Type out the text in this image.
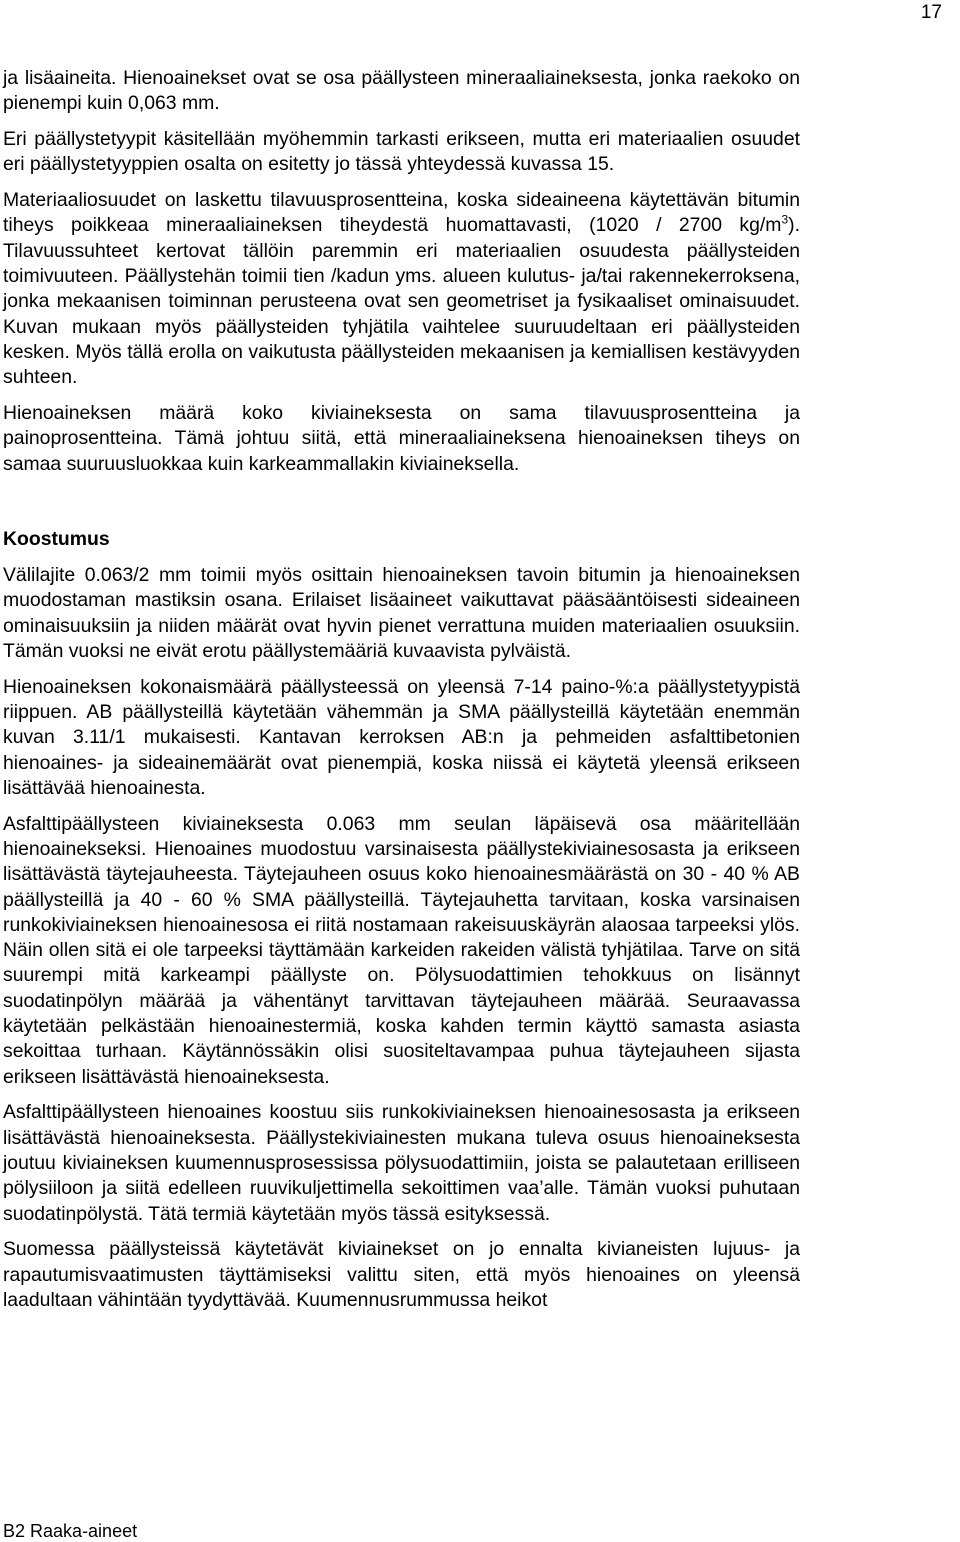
17

ja lisäaineita. Hienoainekset ovat se osa päällysteen mineraaliaineksesta, jonka raekoko on pienempi kuin 0,063 mm.

Eri päällystetyypit käsitellään myöhemmin tarkasti erikseen, mutta eri materiaalien osuudet eri päällystetyyppien osalta on esitetty jo tässä yhteydessä kuvassa 15.

Materiaaliosuudet on laskettu tilavuusprosentteina, koska sideaineena käytettävän bitumin tiheys poikkeaa mineraaliaineksen tiheydestä huomattavasti, (1020 / 2700 $kg/m^3$). Tilavuussuhteet kertovat tällöin paremmin eri materiaalien osuudesta päällysteiden toimivuuteen. Päällystehän toimii tien /kadun yms. alueen kulutus- ja/tai rakennekerroksena, jonka mekaanisen toiminnan perusteena ovat sen geometriset ja fysikaaliset ominaisuudet. Kuvan mukaan myös päällysteiden tyhjätila vaihtelee suuruudeltaan eri päällysteiden kesken. Myös tällä erolla on vaikutusta päällysteiden mekaanisen ja kemiallisen kestävyyden suhteen.

Hienoaineksen määrä koko kiviaineksesta on sama tilavuusprosentteina ja painoprosentteina. Tämä johtuu siitä, että mineraaliaineksena hienoaineksen tiheys on samaa suuruusluokkaa kuin karkeammallakin kiviaineksella.

Koostumus

Välilajite 0.063/2 mm toimii myös osittain hienoaineksen tavoin bitumin ja hienoaineksen muodostaman mastiksin osana. Erilaiset lisäaineet vaikuttavat pääsääntöisesti sideaineen ominaisuuksiin ja niiden määrät ovat hyvin pienet verrattuna muiden materiaalien osuuksiin. Tämän vuoksi ne eivät erotu päällystemääriä kuvaavista pylväistä.

Hienoaineksen kokonaismäärä päällysteessä on yleensä 7-14 paino-%:a päällystetyypistä riippuen. AB päällysteillä käytetään vähemmän ja SMA päällysteillä käytetään enemmän kuvan 3.11/1 mukaisesti. Kantavan kerroksen AB:n ja pehmeiden asfalttibetonien hienoaines- ja sideainemäärät ovat pienempiä, koska niissä ei käytetä yleensä erikseen lisättävää hienoainesta.

Asfalttipäällysteen kiviaineksesta 0.063 mm seulan läpäisevä osa määritellään hienoainekseksi. Hienoaines muodostuu varsinaisesta päällystekiviainesosasta ja erikseen lisättävästä täytejauheesta. Täytejauheen osuus koko hienoainesmäärästä on 30 - 40 % AB päällysteillä ja 40 - 60 % SMA päällysteillä. Täytejauhetta tarvitaan, koska varsinaisen runkokiviaineksen hienoainesosa ei riitä nostamaan rakeisuuskäyrän alaosaa tarpeeksi ylös. Näin ollen sitä ei ole tarpeeksi täyttämään karkeiden rakeiden välistä tyhjätilaa. Tarve on sitä suurempi mitä karkeampi päällyste on. Pölysuodattimien tehokkuus on lisännyt suodatinpölyn määrää ja vähentänyt tarvittavan täytejauheen määrää. Seuraavassa käytetään pelkästään hienoainestermiä, koska kahden termin käyttö samasta asiasta sekoittaa turhaan. Käytännössäkin olisi suositeltavampaa puhua täytejauheen sijasta erikseen lisättävästä hienoaineksesta.

Asfalttipäällysteen hienoaines koostuu siis runkokiviaineksen hienoainesosasta ja erikseen lisättävästä hienoaineksesta. Päällystekiviainesten mukana tuleva osuus hienoaineksesta joutuu kiviaineksen kuumennusprosessissa pölysuodattimiin, joista se palautetaan erilliseen pölysiiloon ja siitä edelleen ruuvikuljettimella sekoittimen vaa’alle. Tämän vuoksi puhutaan suodatinpölystä. Tätä termiä käytetään myös tässä esityksessä.

Suomessa päällysteissä käytetävät kiviainekset on jo ennalta kivianeisten lujuus- ja rapautumisvaatimusten täyttämiseksi valittu siten, että myös hienoaines on yleensä laadultaan vähintään tyydyttävää. Kuumennusrummussa heikot

B2 Raaka-aineet
